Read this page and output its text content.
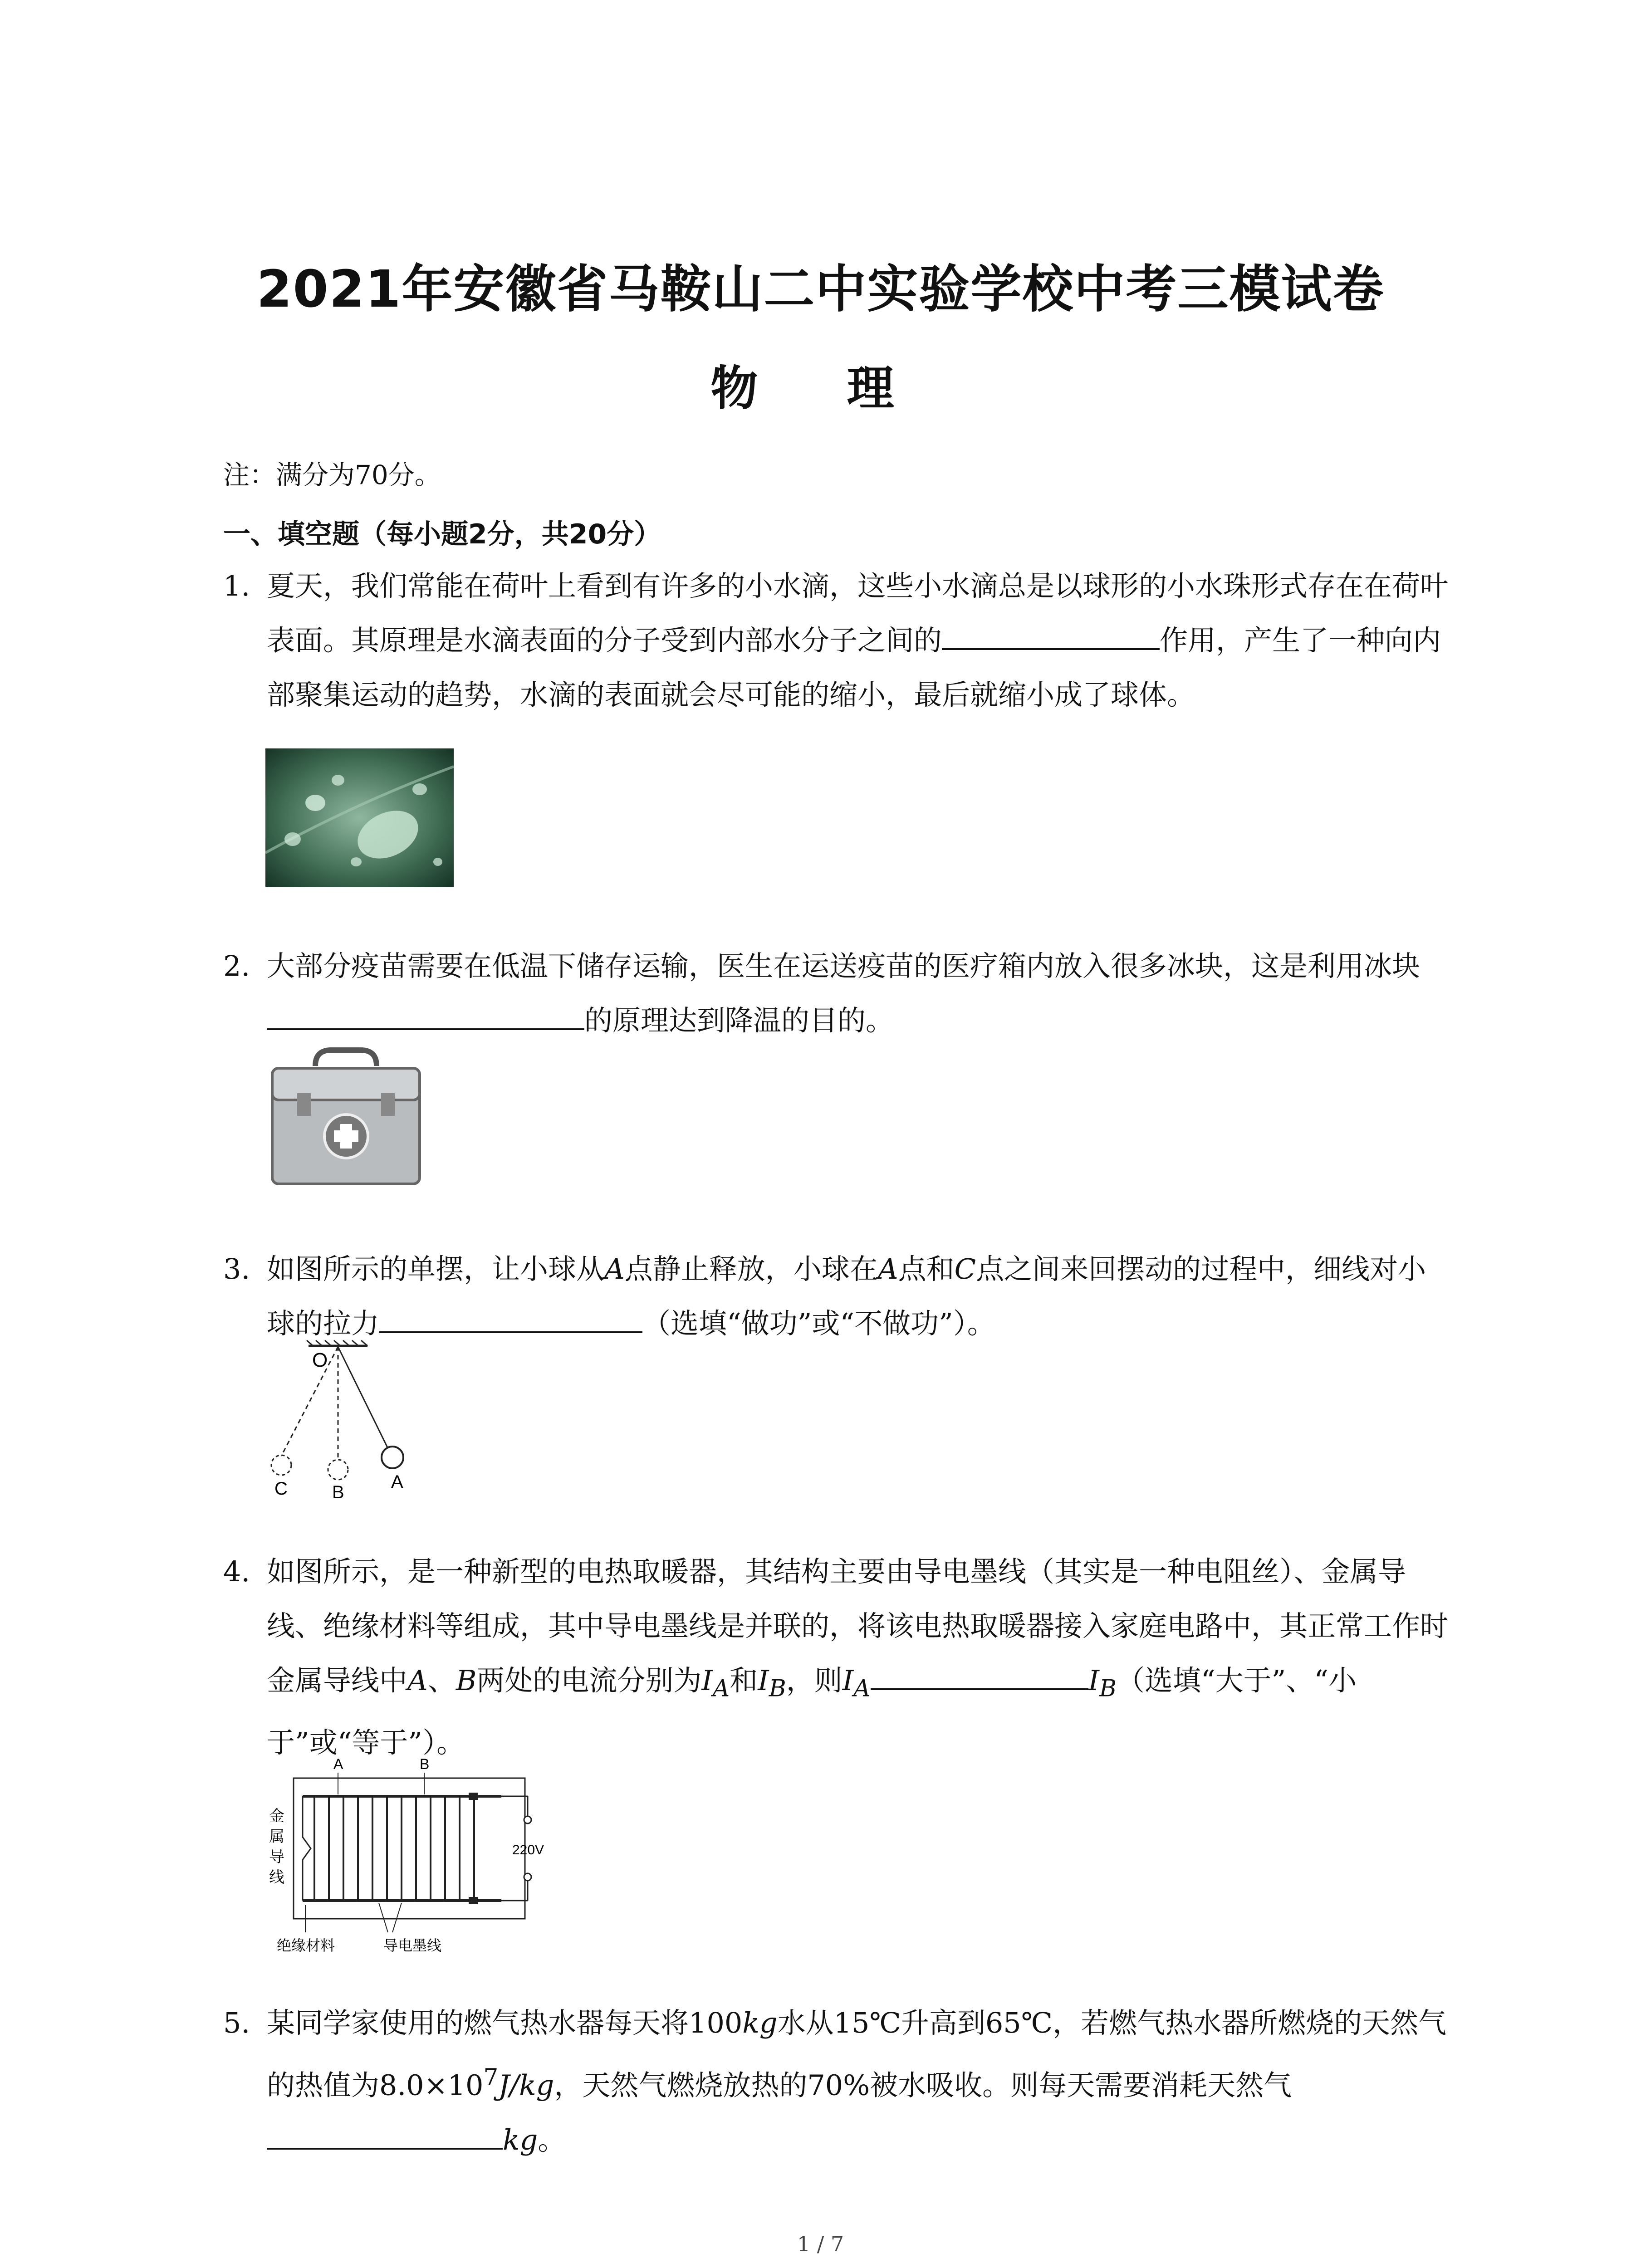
2021年安徽省马鞍山二中实验学校中考三模试卷
物 理
注：满分为70分。
一、填空题（每小题2分，共20分）
1. 夏天，我们常能在荷叶上看到有许多的小水滴，这些小水滴总是以球形的小水珠形式存在在荷叶表面。其原理是水滴表面的分子受到内部水分子之间的	作用，产生了一种向内部聚集运动的趋势，水滴的表面就会尽可能的缩小，最后就缩小成了球体。
2. 大部分疫苗需要在低温下储存运输，医生在运送疫苗的医疗箱内放入很多冰块，这是利用冰块的原理达到降温的目的。
3. 如图所示的单摆，让小球从A点静止释放，小球在A点和C点之间来回摆动的过程中，细线对小球的拉力	（选填“做功”或“不做功”）。
O
C B
A
4. 如图所示，是一种新型的电热取暖器，其结构主要由导电墨线（其实是一种电阻丝）、金属导线、绝缘材料等组成，其中导电墨线是并联的，将该电热取暖器接入家庭电路中，其正常工作时金属导线中A、B两处的电流分别为$I_A$和$I_B$，则$I_A$	$I_B$（选填“大于”、“小于”或“等于”）。
220V
A	B
金
属
导
线
绝缘材料	导电墨线
5. 某同学家使用的燃气热水器每天将100kg水从15℃升高到65℃，若燃气热水器所燃烧的天然气的热值为$8.0\times 10^7J/kg$，天然气燃烧放热的70%被水吸收。则每天需要消耗天然气
kg。
1 / 7
